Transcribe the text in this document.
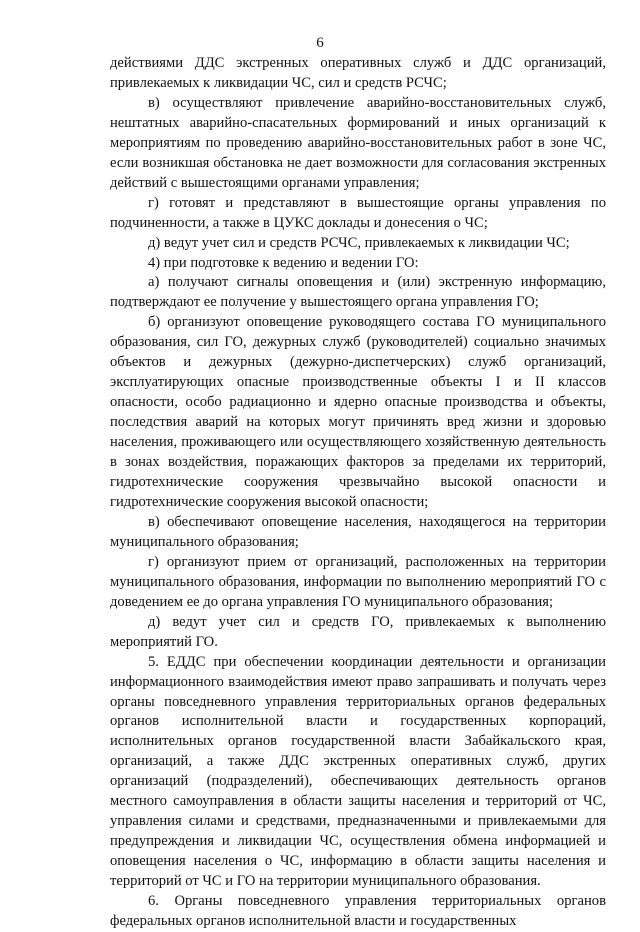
6

действиями ДДС экстренных оперативных служб и ДДС организаций, привлекаемых к ликвидации ЧС, сил и средств РСЧС;

в) осуществляют привлечение аварийно-восстановительных служб, нештатных аварийно-спасательных формирований и иных организаций к мероприятиям по проведению аварийно-восстановительных работ в зоне ЧС, если возникшая обстановка не дает возможности для согласования экстренных действий с вышестоящими органами управления;

г) готовят и представляют в вышестоящие органы управления по подчиненности, а также в ЦУКС доклады и донесения о ЧС;

д) ведут учет сил и средств РСЧС, привлекаемых к ликвидации ЧС;

4) при подготовке к ведению и ведении ГО:

а) получают сигналы оповещения и (или) экстренную информацию, подтверждают ее получение у вышестоящего органа управления ГО;

б) организуют оповещение руководящего состава ГО муниципального образования, сил ГО, дежурных служб (руководителей) социально значимых объектов и дежурных (дежурно-диспетчерских) служб организаций, эксплуатирующих опасные производственные объекты I и II классов опасности, особо радиационно и ядерно опасные производства и объекты, последствия аварий на которых могут причинять вред жизни и здоровью населения, проживающего или осуществляющего хозяйственную деятельность в зонах воздействия, поражающих факторов за пределами их территорий, гидротехнические сооружения чрезвычайно высокой опасности и гидротехнические сооружения высокой опасности;

в) обеспечивают оповещение населения, находящегося на территории муниципального образования;

г) организуют прием от организаций, расположенных на территории муниципального образования, информации по выполнению мероприятий ГО с доведением ее до органа управления ГО муниципального образования;

д) ведут учет сил и средств ГО, привлекаемых к выполнению мероприятий ГО.

5. ЕДДС при обеспечении координации деятельности и организации информационного взаимодействия имеют право запрашивать и получать через органы повседневного управления территориальных органов федеральных органов исполнительной власти и государственных корпораций, исполнительных органов государственной власти Забайкальского края, организаций, а также ДДС экстренных оперативных служб, других организаций (подразделений), обеспечивающих деятельность органов местного самоуправления в области защиты населения и территорий от ЧС, управления силами и средствами, предназначенными и привлекаемыми для предупреждения и ликвидации ЧС, осуществления обмена информацией и оповещения населения о ЧС, информацию в области защиты населения и территорий от ЧС и ГО на территории муниципального образования.

6. Органы повседневного управления территориальных органов федеральных органов исполнительной власти и государственных
